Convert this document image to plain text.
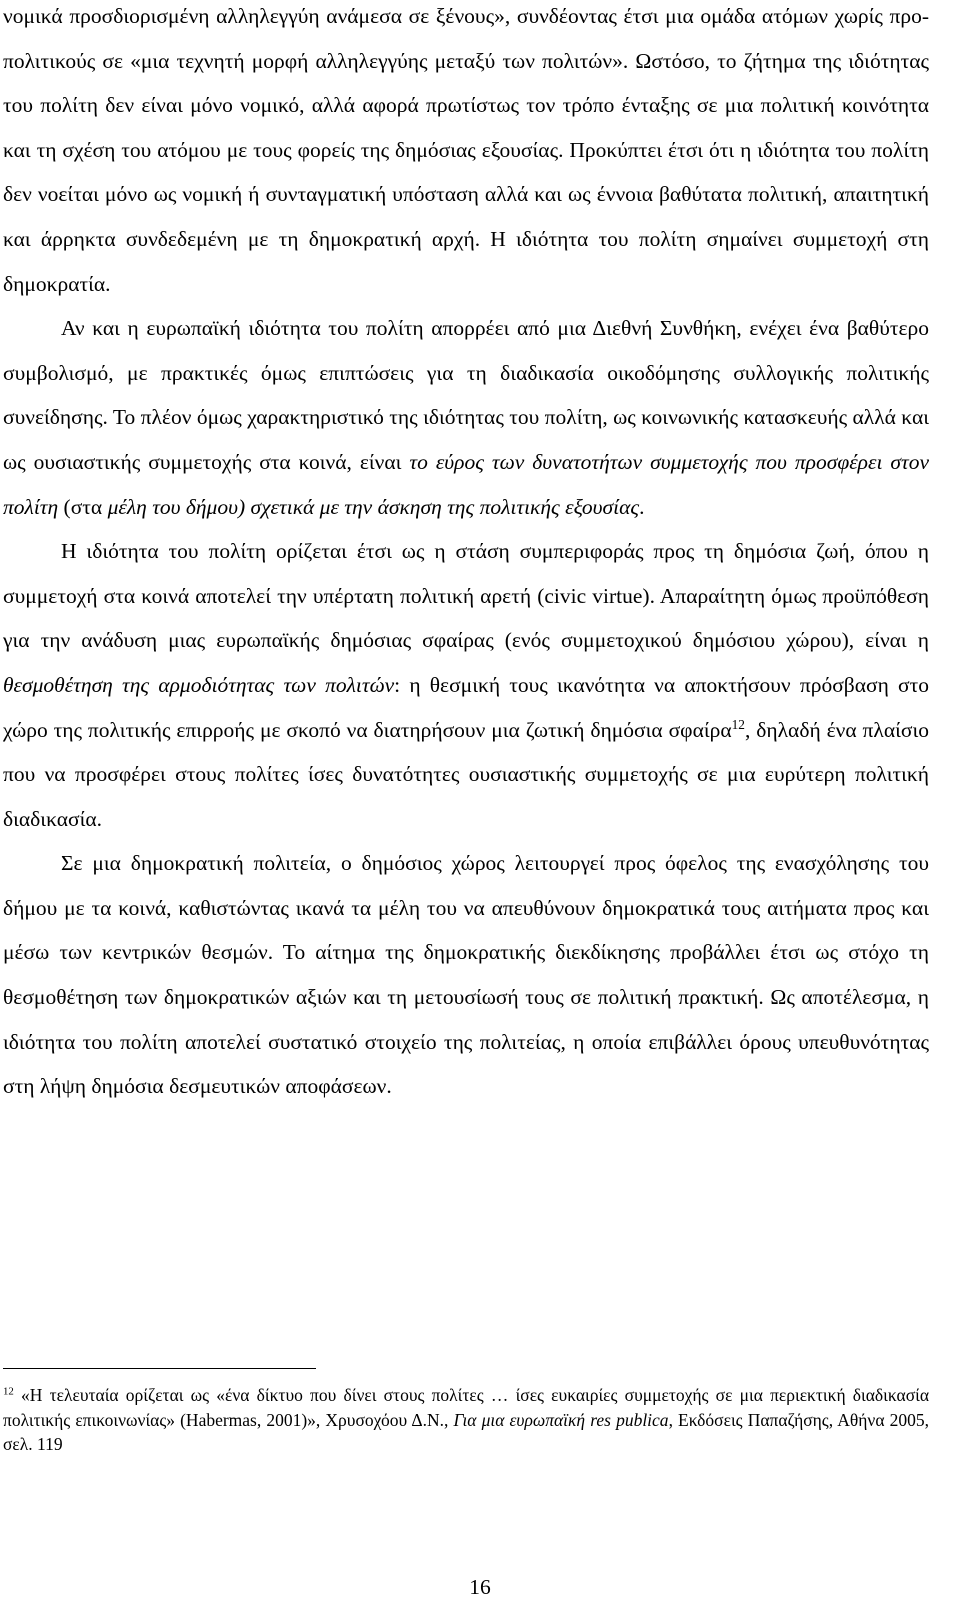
νομικά προσδιορισμένη αλληλεγγύη ανάμεσα σε ξένους», συνδέοντας έτσι μια ομάδα ατόμων χωρίς προ-πολιτικούς σε «μια τεχνητή μορφή αλληλεγγύης μεταξύ των πολιτών». Ωστόσο, το ζήτημα της ιδιότητας του πολίτη δεν είναι μόνο νομικό, αλλά αφορά πρωτίστως τον τρόπο ένταξης σε μια πολιτική κοινότητα και τη σχέση του ατόμου με τους φορείς της δημόσιας εξουσίας. Προκύπτει έτσι ότι η ιδιότητα του πολίτη δεν νοείται μόνο ως νομική ή συνταγματική υπόσταση αλλά και ως έννοια βαθύτατα πολιτική, απαιτητική και άρρηκτα συνδεδεμένη με τη δημοκρατική αρχή. Η ιδιότητα του πολίτη σημαίνει συμμετοχή στη δημοκρατία.

Αν και η ευρωπαϊκή ιδιότητα του πολίτη απορρέει από μια Διεθνή Συνθήκη, ενέχει ένα βαθύτερο συμβολισμό, με πρακτικές όμως επιπτώσεις για τη διαδικασία οικοδόμησης συλλογικής πολιτικής συνείδησης. Το πλέον όμως χαρακτηριστικό της ιδιότητας του πολίτη, ως κοινωνικής κατασκευής αλλά και ως ουσιαστικής συμμετοχής στα κοινά, είναι το εύρος των δυνατοτήτων συμμετοχής που προσφέρει στον πολίτη (στα μέλη του δήμου) σχετικά με την άσκηση της πολιτικής εξουσίας.

Η ιδιότητα του πολίτη ορίζεται έτσι ως η στάση συμπεριφοράς προς τη δημόσια ζωή, όπου η συμμετοχή στα κοινά αποτελεί την υπέρτατη πολιτική αρετή (civic virtue). Απαραίτητη όμως προϋπόθεση για την ανάδυση μιας ευρωπαϊκής δημόσιας σφαίρας (ενός συμμετοχικού δημόσιου χώρου), είναι η θεσμοθέτηση της αρμοδιότητας των πολιτών: η θεσμική τους ικανότητα να αποκτήσουν πρόσβαση στο χώρο της πολιτικής επιρροής με σκοπό να διατηρήσουν μια ζωτική δημόσια σφαίρα$^{12}$, δηλαδή ένα πλαίσιο που να προσφέρει στους πολίτες ίσες δυνατότητες ουσιαστικής συμμετοχής σε μια ευρύτερη πολιτική διαδικασία.

Σε μια δημοκρατική πολιτεία, ο δημόσιος χώρος λειτουργεί προς όφελος της ενασχόλησης του δήμου με τα κοινά, καθιστώντας ικανά τα μέλη του να απευθύνουν δημοκρατικά τους αιτήματα προς και μέσω των κεντρικών θεσμών. Το αίτημα της δημοκρατικής διεκδίκησης προβάλλει έτσι ως στόχο τη θεσμοθέτηση των δημοκρατικών αξιών και τη μετουσίωσή τους σε πολιτική πρακτική. Ως αποτέλεσμα, η ιδιότητα του πολίτη αποτελεί συστατικό στοιχείο της πολιτείας, η οποία επιβάλλει όρους υπευθυνότητας στη λήψη δημόσια δεσμευτικών αποφάσεων.

$^{12}$ «Η τελευταία ορίζεται ως «ένα δίκτυο που δίνει στους πολίτες … ίσες ευκαιρίες συμμετοχής σε μια περιεκτική διαδικασία πολιτικής επικοινωνίας» (Habermas, 2001)», Χρυσοχόου Δ.Ν., Για μια ευρωπαϊκή res publica, Εκδόσεις Παπαζήσης, Αθήνα 2005, σελ. 119

16
